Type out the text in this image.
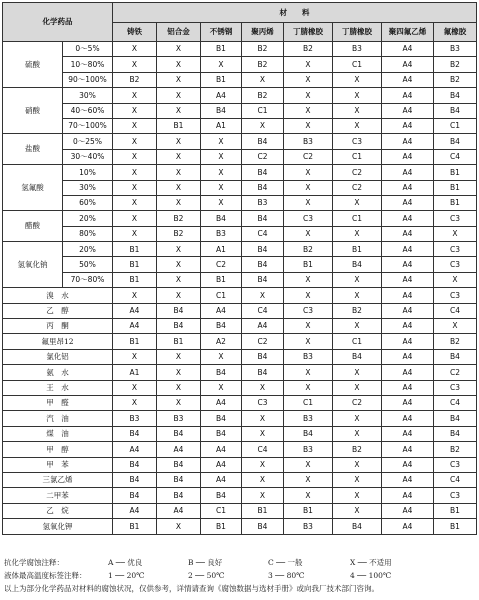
化学药品		材　　料							
		铸铁	铝合金	不锈钢	聚丙烯	丁腈橡胶	丁腈橡胶	聚四氟乙烯	氟橡胶
硫酸	0～5%	X	X	B1	B2	B2	B3	A4	B3
	10～80%	X	X	X	B2	X	C1	A4	B2
	90～100%	B2	X	B1	X	X	X	A4	B2
硝酸	30%	X	X	A4	B2	X	X	A4	B4
	40～60%	X	X	B4	C1	X	X	A4	B4
	70～100%	X	B1	A1	X	X	X	A4	C1
盐酸	0～25%	X	X	X	B4	B3	C3	A4	B4
	30～40%	X	X	X	C2	C2	C1	A4	C4
氢氟酸	10%	X	X	X	B4	X	C2	A4	B1
	30%	X	X	X	B4	X	C2	A4	B1
	60%	X	X	X	B3	X	X	A4	B1
醋酸	20%	X	B2	B4	B4	C3	C1	A4	C3
	80%	X	B2	B3	C4	X	X	A4	X
氢氧化钠	20%	B1	X	A1	B4	B2	B1	A4	C3
	50%	B1	X	C2	B4	B1	B4	A4	C3
	70～80%	B1	X	B1	B4	X	X	A4	X
溴　水		X	X	C1	X	X	X	A4	C3
乙　醇		A4	B4	A4	C4	C3	B2	A4	C4
丙　酮		A4	B4	B4	A4	X	X	A4	X
氟里昂12		B1	B1	A2	C2	X	C1	A4	B2
氯化铝		X	X	X	B4	B3	B4	A4	B4
氨　水		A1	X	B4	B4	X	X	A4	C2
王　水		X	X	X	X	X	X	A4	C3
甲　醛		X	X	A4	C3	C1	C2	A4	C4
汽　油		B3	B3	B4	X	B3	X	A4	B4
煤　油		B4	B4	B4	X	B4	X	A4	B4
甲　醇		A4	A4	A4	C4	B3	B2	A4	B2
甲　苯		B4	B4	A4	X	X	X	A4	C3
三氯乙烯		B4	B4	A4	X	X	X	A4	C4
二甲苯		B4	B4	B4	X	X	X	A4	C3
乙　烷		A4	A4	C1	B1	B1	X	A4	B1
氢氧化钾		B1	X	B1	B4	B3	B4	A4	B1
抗化学腐蚀注释：	A ── 优良	B ── 良好	C ── 一般	X ── 不适用
液体最高温度标签注释：	1 ── 20℃	2 ── 50℃	3 ── 80℃	4 ── 100℃
以上为部分化学药品对材料的腐蚀状况，仅供参考，详情请查询《腐蚀数据与选材手册》或向我厂技术部门咨询。
